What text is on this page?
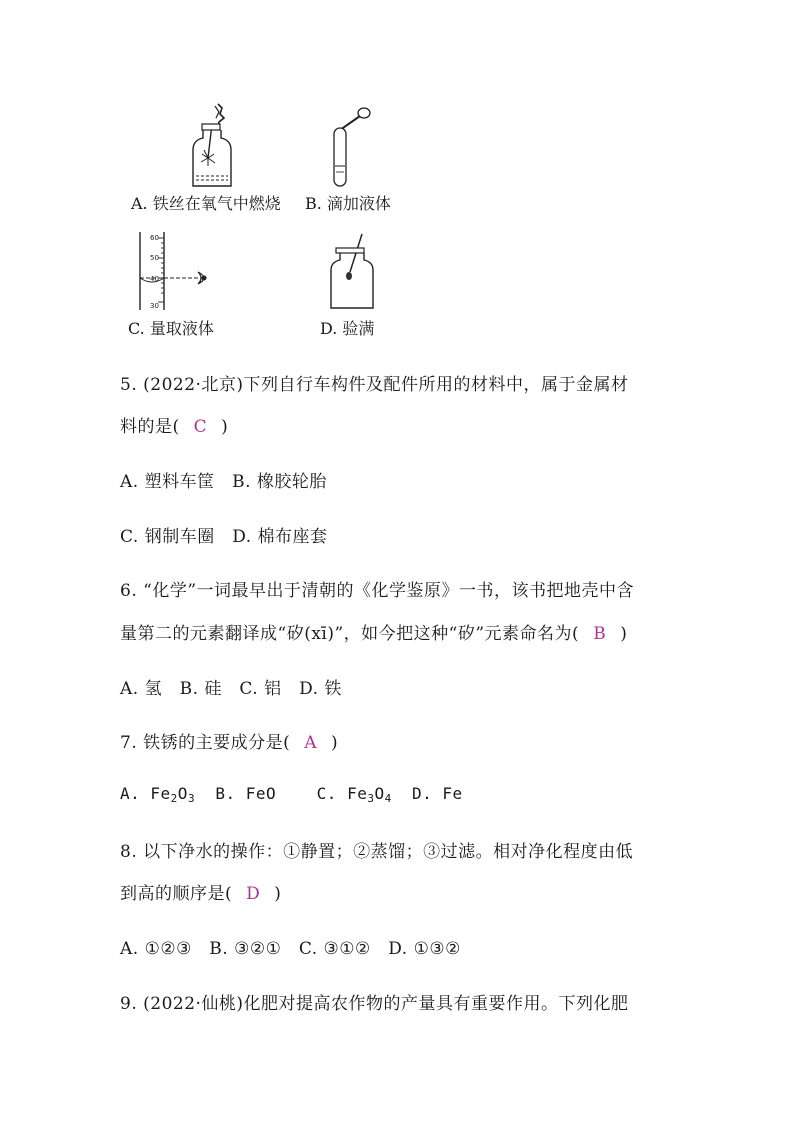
A. 铁丝在氧气中燃烧 B. 滴加液体
60
50
40
30
C. 量取液体	D. 验满
5. (2022·北京)下列自行车构件及配件所用的材料中，属于金属材
料的是( C )
A. 塑料车筐　B. 橡胶轮胎
C. 钢制车圈　D. 棉布座套
6. “化学”一词最早出于清朝的《化学鉴原》一书，该书把地壳中含
量第二的元素翻译成“矽(xī)”，如今把这种“矽”元素命名为( B )
A. 氢　B. 硅　C. 铝　D. 铁
7. 铁锈的主要成分是( A )
A. $Fe_2O_3$ B. FeO	C. $Fe_3O_4$ D. Fe
8. 以下净水的操作：①静置；②蒸馏；③过滤。相对净化程度由低
到高的顺序是( D )
A. ①②③　B. ③②①　C. ③①②　D. ①③②
9. (2022·仙桃)化肥对提高农作物的产量具有重要作用。下列化肥
